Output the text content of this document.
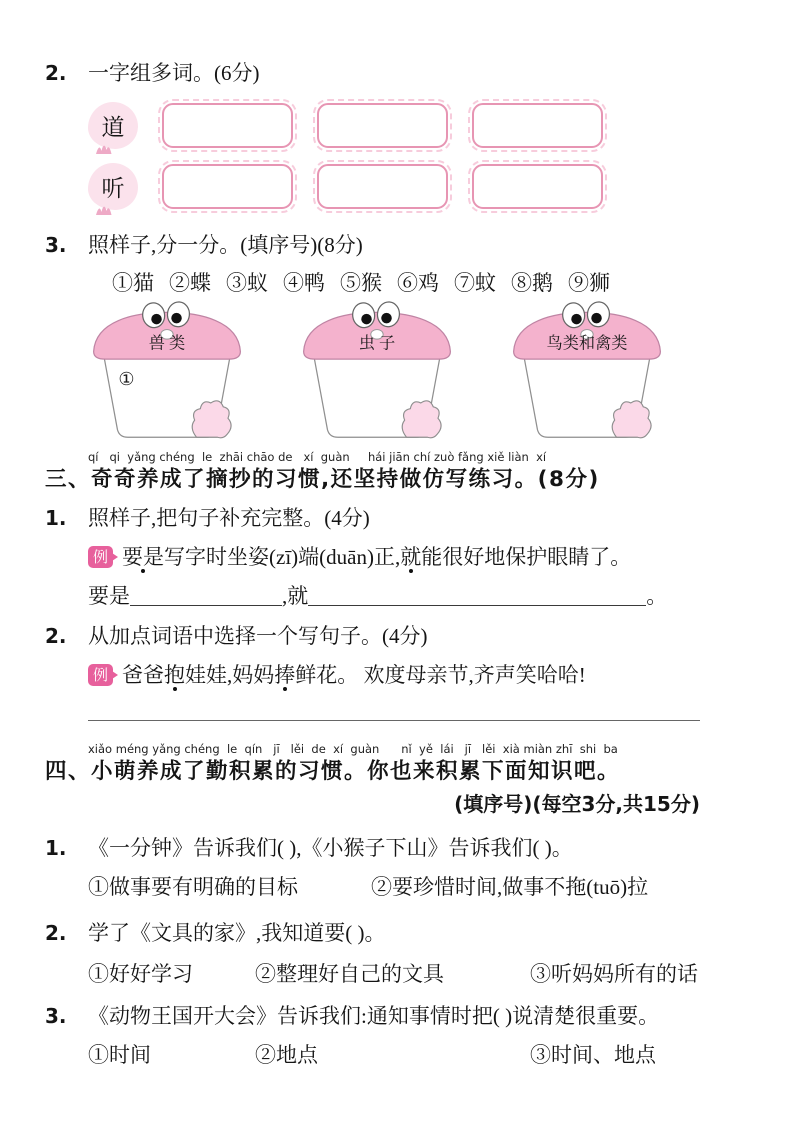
2.	一字组多词。(6分)
道
听
3.	照样子,分一分。(填序号)(8分)
①猫 ②蝶 ③蚁 ④鸭 ⑤猴 ⑥鸡 ⑦蚊 ⑧鹅 ⑨狮
兽 类
①
虫 子	鸟类和禽类
qí   qi  yǎng chéng  le  zhāi chāo de   xí  guàn     hái jiān chí zuò fǎng xiě liàn  xí
三、奇奇养成了摘抄的习惯,还坚持做仿写练习。(8分)
1.	照样子,把句子补充完整。(4分)
例 要是写字时坐姿(zī)端(duān)正,就能很好地保护眼睛了。

要是	,就	。
2.	从加点词语中选择一个写句子。(4分)
例 爸爸抱娃娃,妈妈捧鲜花。 欢度母亲节,齐声笑哈哈!

xiǎo méng yǎng chéng  le  qín   jī   lěi  de  xí  guàn      nǐ  yě  lái   jī   lěi  xià miàn zhī  shi  ba
四、小萌养成了勤积累的习惯。你也来积累下面知识吧。
(填序号)(每空3分,共15分)
1.	《一分钟》告诉我们( ),《小猴子下山》告诉我们( )。
①做事要有明确的目标	②要珍惜时间,做事不拖(tuō)拉
2.	学了《文具的家》,我知道要( )。
①好好学习	②整理好自己的文具	③听妈妈所有的话
3.	《动物王国开大会》告诉我们:通知事情时把( )说清楚很重要。
①时间	②地点	③时间、地点
